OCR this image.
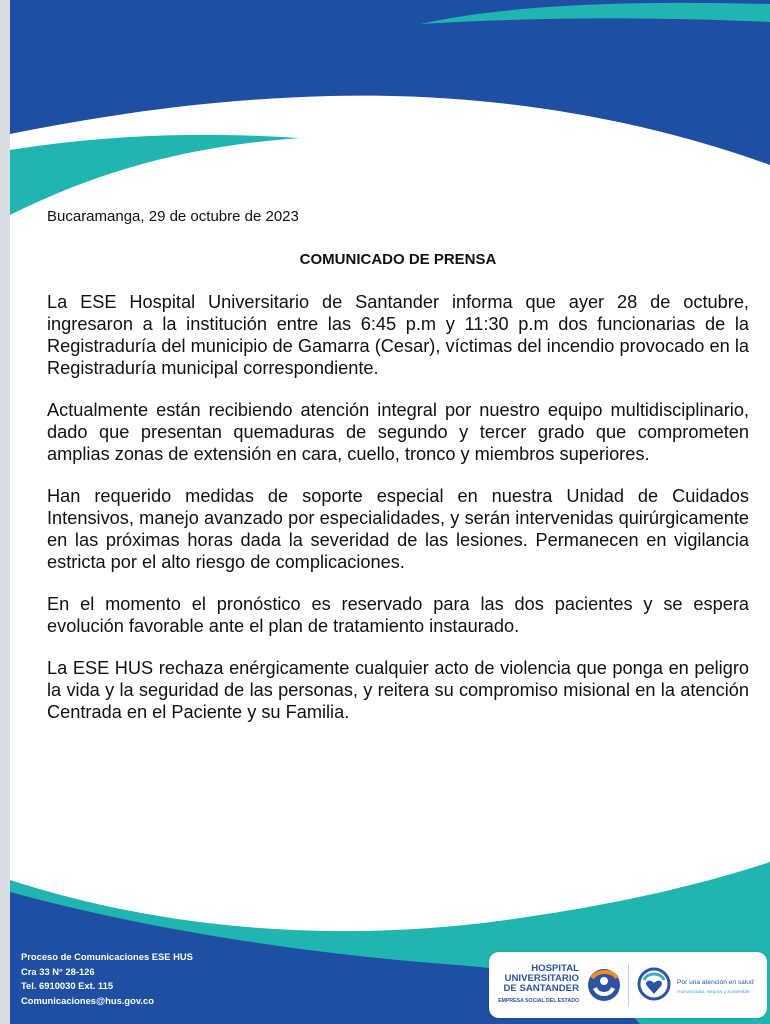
Bucaramanga, 29 de octubre de 2023
COMUNICADO DE PRENSA

La ESE Hospital Universitario de Santander informa que ayer 28 de octubre, ingresaron a la institución entre las 6:45 p.m y 11:30 p.m dos funcionarias de la Registraduría del municipio de Gamarra (Cesar), víctimas del incendio provocado en la Registraduría municipal correspondiente.

Actualmente están recibiendo atención integral por nuestro equipo multidisciplinario, dado que presentan quemaduras de segundo y tercer grado que comprometen amplias zonas de extensión en cara, cuello, tronco y miembros superiores.

Han requerido medidas de soporte especial en nuestra Unidad de Cuidados Intensivos, manejo avanzado por especialidades, y serán intervenidas quirúrgicamente en las próximas horas dada la severidad de las lesiones. Permanecen en vigilancia estricta por el alto riesgo de complicaciones.

En el momento el pronóstico es reservado para las dos pacientes y se espera evolución favorable ante el plan de tratamiento instaurado.

La ESE HUS rechaza enérgicamente cualquier acto de violencia que ponga en peligro la vida y la seguridad de las personas, y reitera su compromiso misional en la atención Centrada en el Paciente y su Familia.

Proceso de Comunicaciones ESE HUS
Cra 33 N° 28-126
Tel. 6910030 Ext. 115
Comunicaciones@hus.gov.co
HOSPITAL
UNIVERSITARIO
DE SANTANDER
EMPRESA SOCIAL DEL ESTADO
Por una atención en salud
Humanizada, Segura y Sostenible
